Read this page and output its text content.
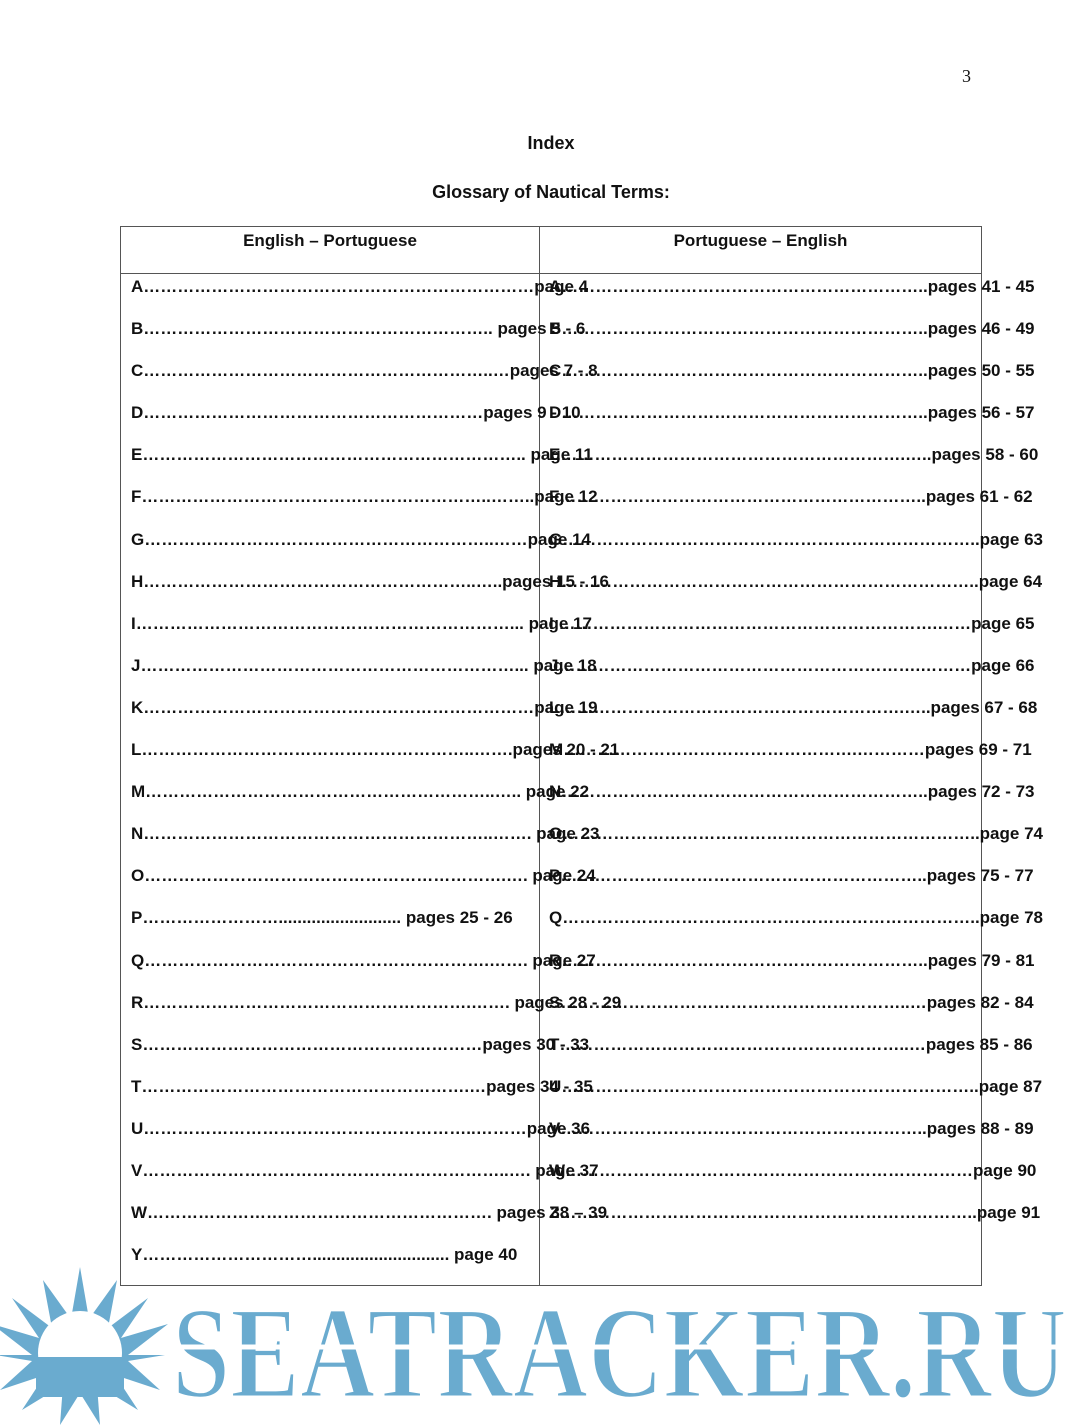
3
Index
Glossary of Nautical Terms:
English – Portuguese	Portuguese – English
A……………………………………………………………page 4
B…………………………………………………….. pages 5 - 6
C……………………………………………………..…pages 7 - 8
D……………………………………………………pages 9 - 10
E………………………………………………………….. page 11
F……………………………………………………..……..page 12
G……………………………………………………..……page 14
H…………………………………………………..…..pages 15 - 16
I…………………………………………………………... page 17
J…………………………………………………………... page 18
K……………………………………………………………page 19
L…………………………………………………..…….pages 20 - 21
M……………………………………………………..….. page 22
N……………………………………………………..……. page 23
O……………………………………………………….…. page 24
P…………………….......................... pages 25 - 26
Q…………………………………………………….……. page 27
R………………………………………………….……. pages 28 - 29
S……………………………………………………pages 30 - 33
T………………………………………………….…pages 34 - 35
U…………………………………………………..………page 36
V………………………………………………………..…. page 37
W……………………………………………………. pages 38 – 39
Y…………………………............................. page 40
A………………………………………………………..pages 41 - 45
B………………………………………………………..pages 46 - 49
C………………………………………………………..pages 50 - 55
D………………………………………………………..pages 56 - 57
E…………………………………………………….…..pages 58 - 60
F………………………………………………………..pages 61 - 62
G………………………………………………………………..page 63
H………………………………………………………………..page 64
I ………………………………………………………….……page 65
J……………………………………………………….………page 66
L…………………………………………………….…..pages 67 - 68
M…………………………………………….…………pages 69 - 71
N………………………………………………………..pages 72 - 73
O………………………………………………………………..page 74
P………………………………………………………..pages 75 - 77
Q………………………………………………………………..page 78
R………………………………………………………..pages 79 - 81
S……………………………………………………..…pages 82 - 84
T……………………………………………………..…pages 85 - 86
U………………………………………………………………..page 87
V………………………………………………………..pages 88 - 89
W………………………………………………………………page 90
Z………………………………………………………………..page 91
SEATRACKER.RU
